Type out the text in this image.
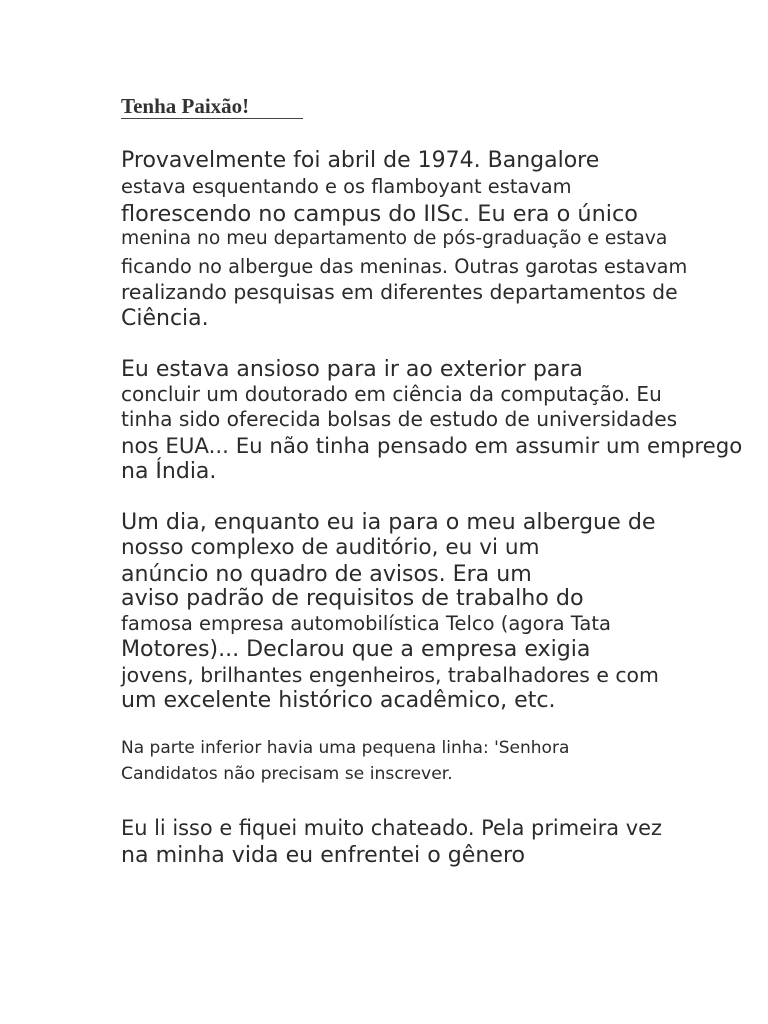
Tenha Paixão!
Provavelmente foi abril de 1974. Bangalore
estava esquentando e os flamboyant estavam
florescendo no campus do IISc. Eu era o único
menina no meu departamento de pós-graduação e estava
ficando no albergue das meninas. Outras garotas estavam
realizando pesquisas em diferentes departamentos de
Ciência.
Eu estava ansioso para ir ao exterior para
concluir um doutorado em ciência da computação. Eu
tinha sido oferecida bolsas de estudo de universidades
nos EUA... Eu não tinha pensado em assumir um emprego
na Índia.
Um dia, enquanto eu ia para o meu albergue de
nosso complexo de auditório, eu vi um
anúncio no quadro de avisos. Era um
aviso padrão de requisitos de trabalho do
famosa empresa automobilística Telco (agora Tata
Motores)... Declarou que a empresa exigia
jovens, brilhantes engenheiros, trabalhadores e com
um excelente histórico acadêmico, etc.
Na parte inferior havia uma pequena linha: 'Senhora
Candidatos não precisam se inscrever.
Eu li isso e fiquei muito chateado. Pela primeira vez
na minha vida eu enfrentei o gênero
